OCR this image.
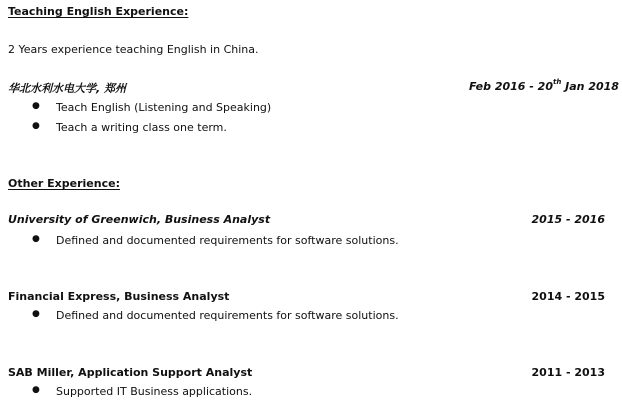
Teaching English Experience:
2 Years experience teaching English in China.
华北水利水电大学, 郑州	Feb 2016 - 20th Jan 2018
● Teach English (Listening and Speaking)
● Teach a writing class one term.
Other Experience:
University of Greenwich, Business Analyst	2015 - 2016
● Defined and documented requirements for software solutions.
Financial Express, Business Analyst	2014 - 2015
● Defined and documented requirements for software solutions.
SAB Miller, Application Support Analyst	2011 - 2013
● Supported IT Business applications.
